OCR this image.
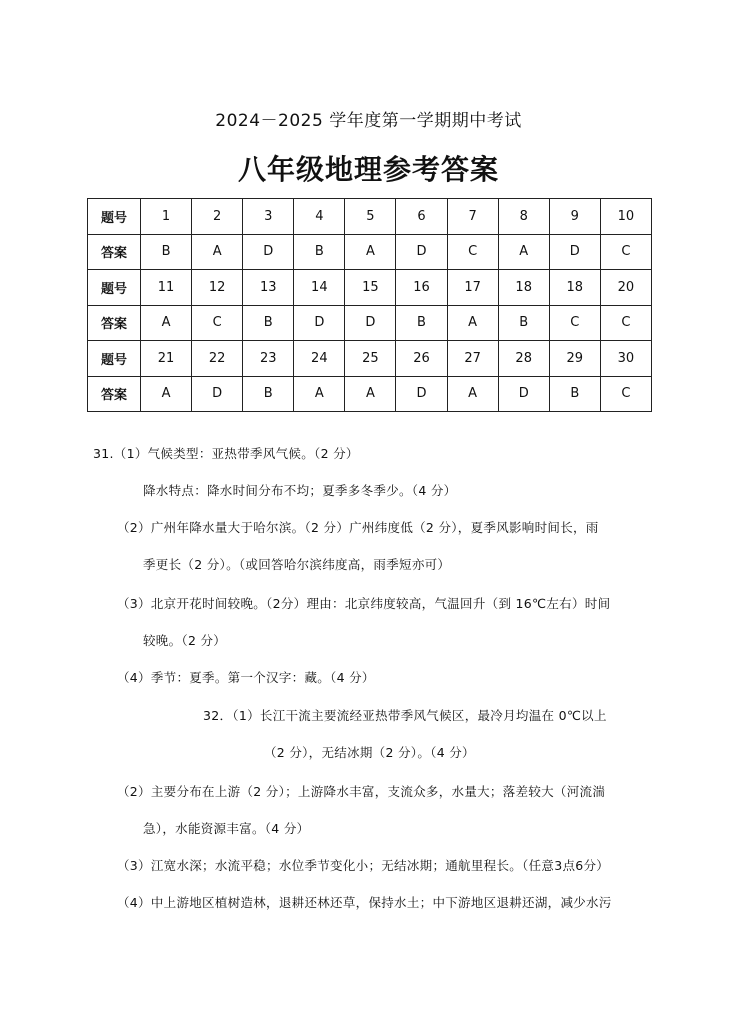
2024－2025 学年度第一学期期中考试
八年级地理参考答案
题号	1	2	3	4	5	6	7	8	9	10
答案	B	A	D	B	A	D	C	A	D	C
题号	11	12	13	14	15	16	17	18	18	20
答案	A	C	B	D	D	B	A	B	C	C
题号	21	22	23	24	25	26	27	28	29	30
答案	A	D	B	A	A	D	A	D	B	C
31.（1）气候类型：亚热带季风气候。（2 分）
降水特点：降水时间分布不均；夏季多冬季少。（4 分）
（2）广州年降水量大于哈尔滨。（2 分）广州纬度低（2 分），夏季风影响时间长，雨
季更长（2 分）。（或回答哈尔滨纬度高，雨季短亦可）
（3）北京开花时间较晚。（2分）理由：北京纬度较高，气温回升（到 16℃左右）时间
较晚。（2 分）
（4）季节：夏季。第一个汉字：藏。（4 分）
32．（1）长江干流主要流经亚热带季风气候区，最冷月均温在 0℃以上
（2 分），无结冰期（2 分）。（4 分）
（2）主要分布在上游（2 分）；上游降水丰富，支流众多，水量大；落差较大（河流湍
急），水能资源丰富。（4 分）
（3）江宽水深；水流平稳；水位季节变化小；无结冰期；通航里程长。（任意3点6分）
（4）中上游地区植树造林，退耕还林还草，保持水土；中下游地区退耕还湖，减少水污
